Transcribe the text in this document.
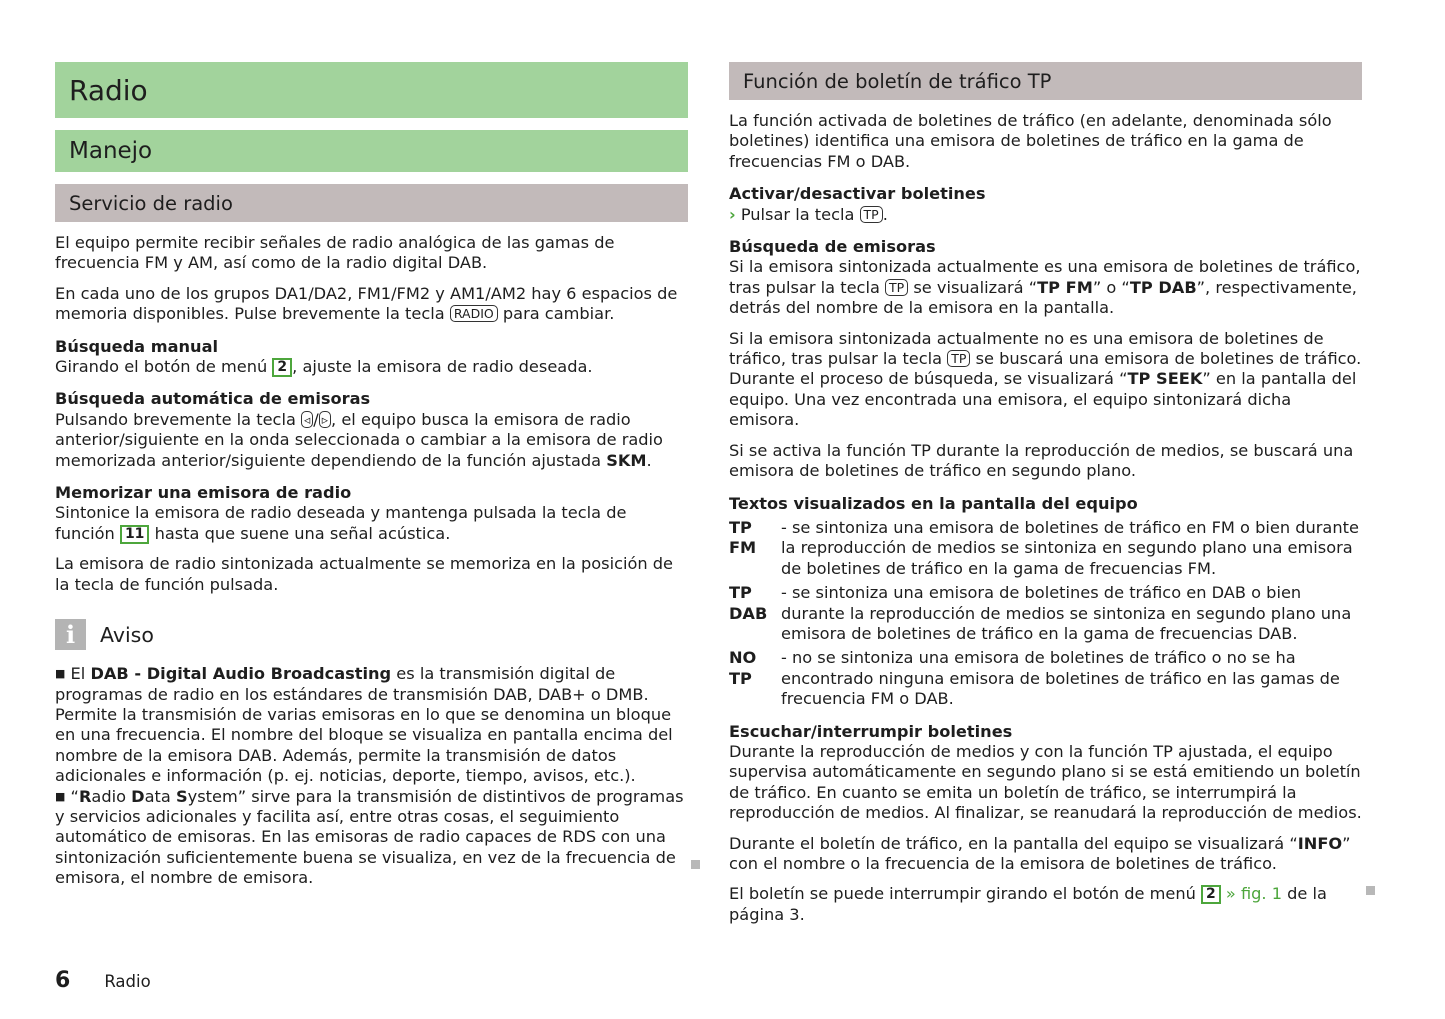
Radio
Manejo
Servicio de radio

El equipo permite recibir señales de radio analógica de las gamas de frecuencia FM y AM, así como de la radio digital DAB.

En cada uno de los grupos DA1/DA2, FM1/FM2 y AM1/AM2 hay 6 espacios de memoria disponibles. Pulse brevemente la tecla RADIO para cambiar.

Búsqueda manual

Girando el botón de menú 2 , ajuste la emisora de radio deseada.

Búsqueda automática de emisoras

Pulsando brevemente la tecla ◃ / ▹ , el equipo busca la emisora de radio anterior/siguiente en la onda seleccionada o cambiar a la emisora de radio memorizada anterior/siguiente dependiendo de la función ajustada SKM.

Memorizar una emisora de radio

Sintonice la emisora de radio deseada y mantenga pulsada la tecla de función 11 hasta que suene una señal acústica.

La emisora de radio sintonizada actualmente se memoriza en la posición de la tecla de función pulsada.

i	Aviso

■ El DAB - Digital Audio Broadcasting es la transmisión digital de programas de radio en los estándares de transmisión DAB, DAB+ o DMB. Permite la transmisión de varias emisoras en lo que se denomina un bloque en una frecuencia. El nombre del bloque se visualiza en pantalla encima del nombre de la emisora DAB. Además, permite la transmisión de datos adicionales e información (p. ej. noticias, deporte, tiempo, avisos, etc.).

■ “Radio Data System” sirve para la transmisión de distintivos de programas y servicios adicionales y facilita así, entre otras cosas, el seguimiento automático de emisoras. En las emisoras de radio capaces de RDS con una sintonización suficientemente buena se visualiza, en vez de la frecuencia de emisora, el nombre de emisora.

Función de boletín de tráfico TP

La función activada de boletines de tráfico (en adelante, denominada sólo boletines) identifica una emisora de boletines de tráfico en la gama de frecuencias FM o DAB.

Activar/desactivar boletines

› Pulsar la tecla TP .

Búsqueda de emisoras

Si la emisora sintonizada actualmente es una emisora de boletines de tráfico, tras pulsar la tecla TP se visualizará “TP FM” o “TP DAB”, respectivamente, detrás del nombre de la emisora en la pantalla.

Si la emisora sintonizada actualmente no es una emisora de boletines de tráfico, tras pulsar la tecla TP se buscará una emisora de boletines de tráfico. Durante el proceso de búsqueda, se visualizará “TP SEEK” en la pantalla del equipo. Una vez encontrada una emisora, el equipo sintonizará dicha emisora.

Si se activa la función TP durante la reproducción de medios, se buscará una emisora de boletines de tráfico en segundo plano.

Textos visualizados en la pantalla del equipo
TP FM
- se sintoniza una emisora de boletines de tráfico en FM o bien durante la reproducción de medios se sintoniza en segundo plano una emisora de boletines de tráfico en la gama de frecuencias FM.
TP DAB
- se sintoniza una emisora de boletines de tráfico en DAB o bien durante la reproducción de medios se sintoniza en segundo plano una emisora de boletines de tráfico en la gama de frecuencias DAB.
NO TP
- no se sintoniza una emisora de boletines de tráfico o no se ha encontrado ninguna emisora de boletines de tráfico en las gamas de frecuencia FM o DAB.
Escuchar/interrumpir boletines

Durante la reproducción de medios y con la función TP ajustada, el equipo supervisa automáticamente en segundo plano si se está emitiendo un boletín de tráfico. En cuanto se emita un boletín de tráfico, se interrumpirá la reproducción de medios. Al finalizar, se reanudará la reproducción de medios.

Durante el boletín de tráfico, en la pantalla del equipo se visualizará “INFO” con el nombre o la frecuencia de la emisora de boletines de tráfico.

El boletín se puede interrumpir girando el botón de menú 2 » fig. 1 de la página 3.

6 Radio
